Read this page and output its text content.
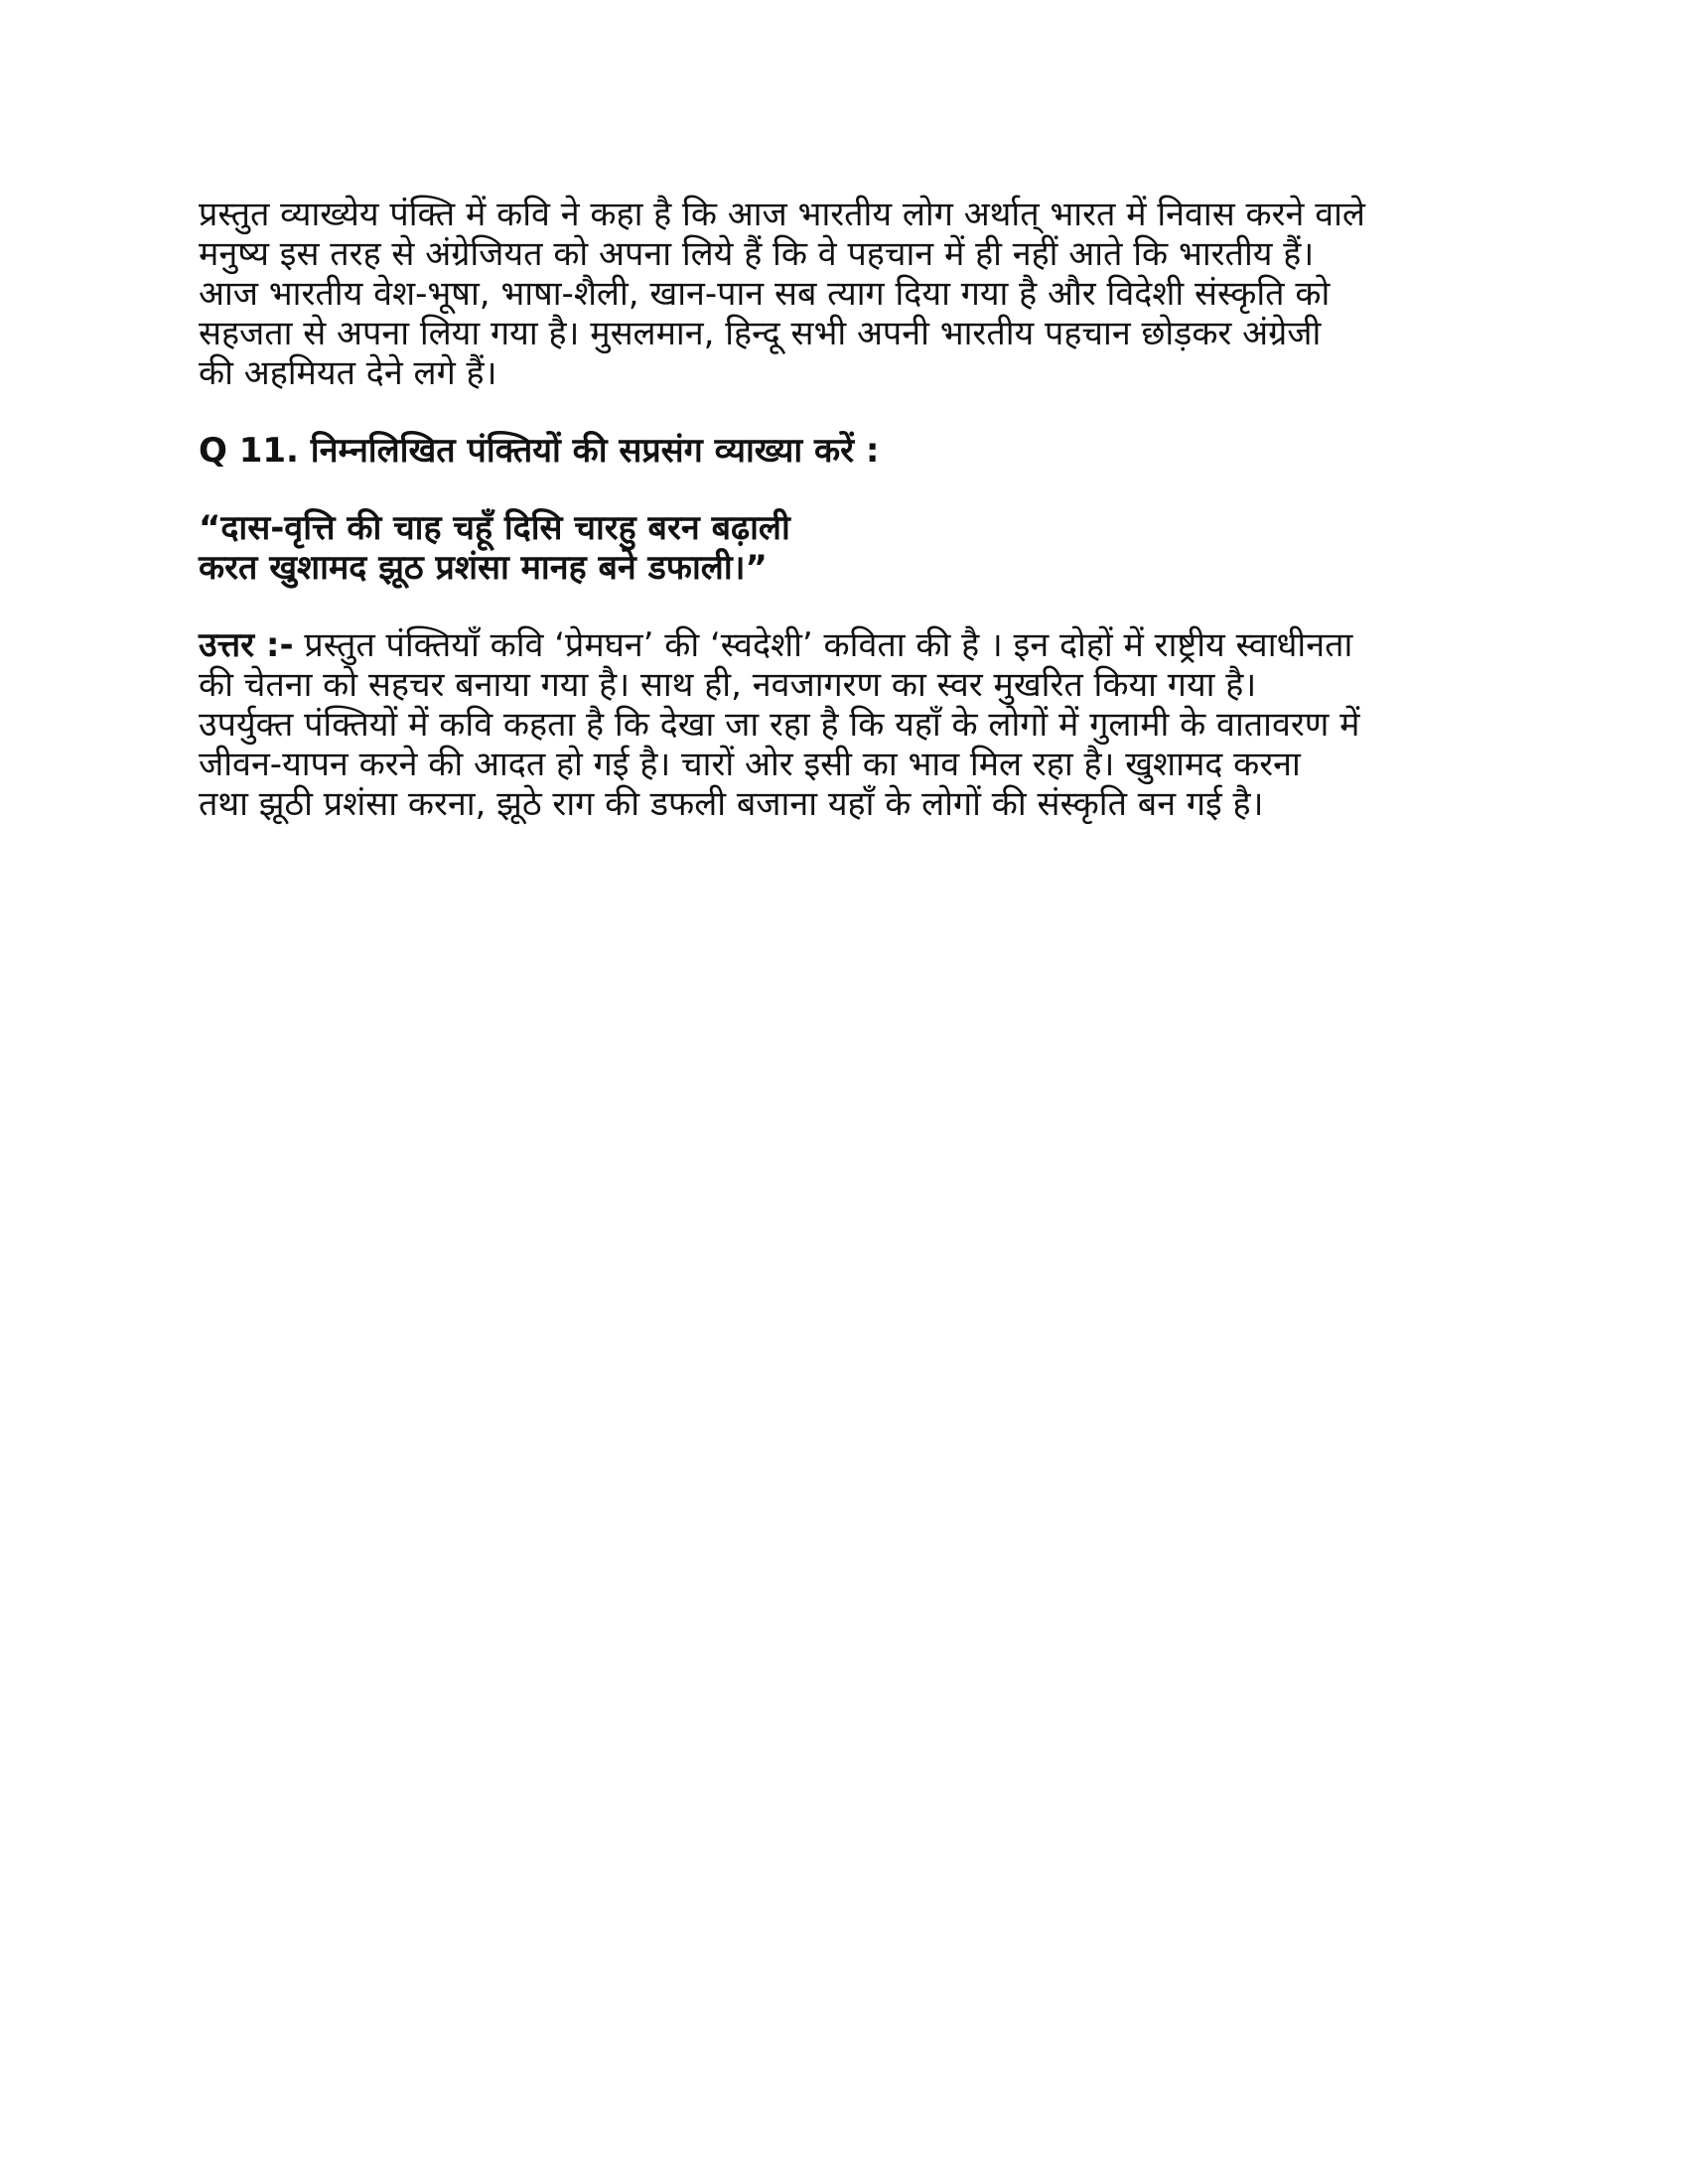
प्रस्तुत व्याख्येय पंक्ति में कवि ने कहा है कि आज भारतीय लोग अर्थात् भारत में निवास करने वाले
मनुष्य इस तरह से अंग्रेजियत को अपना लिये हैं कि वे पहचान में ही नहीं आते कि भारतीय हैं।
आज भारतीय वेश-भूषा, भाषा-शैली, खान-पान सब त्याग दिया गया है और विदेशी संस्कृति को
सहजता से अपना लिया गया है। मुसलमान, हिन्दू सभी अपनी भारतीय पहचान छोड़कर अंग्रेजी
की अहमियत देने लगे हैं।

Q 11. निम्नलिखित पंक्तियों की सप्रसंग व्याख्या करें :

“दास-वृत्ति की चाह चहूँ दिसि चारहु बरन बढ़ाली
करत खुशामद झूठ प्रशंसा मानह बने डफाली।”

उत्तर :- प्रस्तुत पंक्तियाँ कवि ‘प्रेमघन’ की ‘स्वदेशी’ कविता की है । इन दोहों में राष्ट्रीय स्वाधीनता
की चेतना को सहचर बनाया गया है। साथ ही, नवजागरण का स्वर मुखरित किया गया है।
उपर्युक्त पंक्तियों में कवि कहता है कि देखा जा रहा है कि यहाँ के लोगों में गुलामी के वातावरण में
जीवन-यापन करने की आदत हो गई है। चारों ओर इसी का भाव मिल रहा है। खुशामद करना
तथा झूठी प्रशंसा करना, झूठे राग की डफली बजाना यहाँ के लोगों की संस्कृति बन गई है।
